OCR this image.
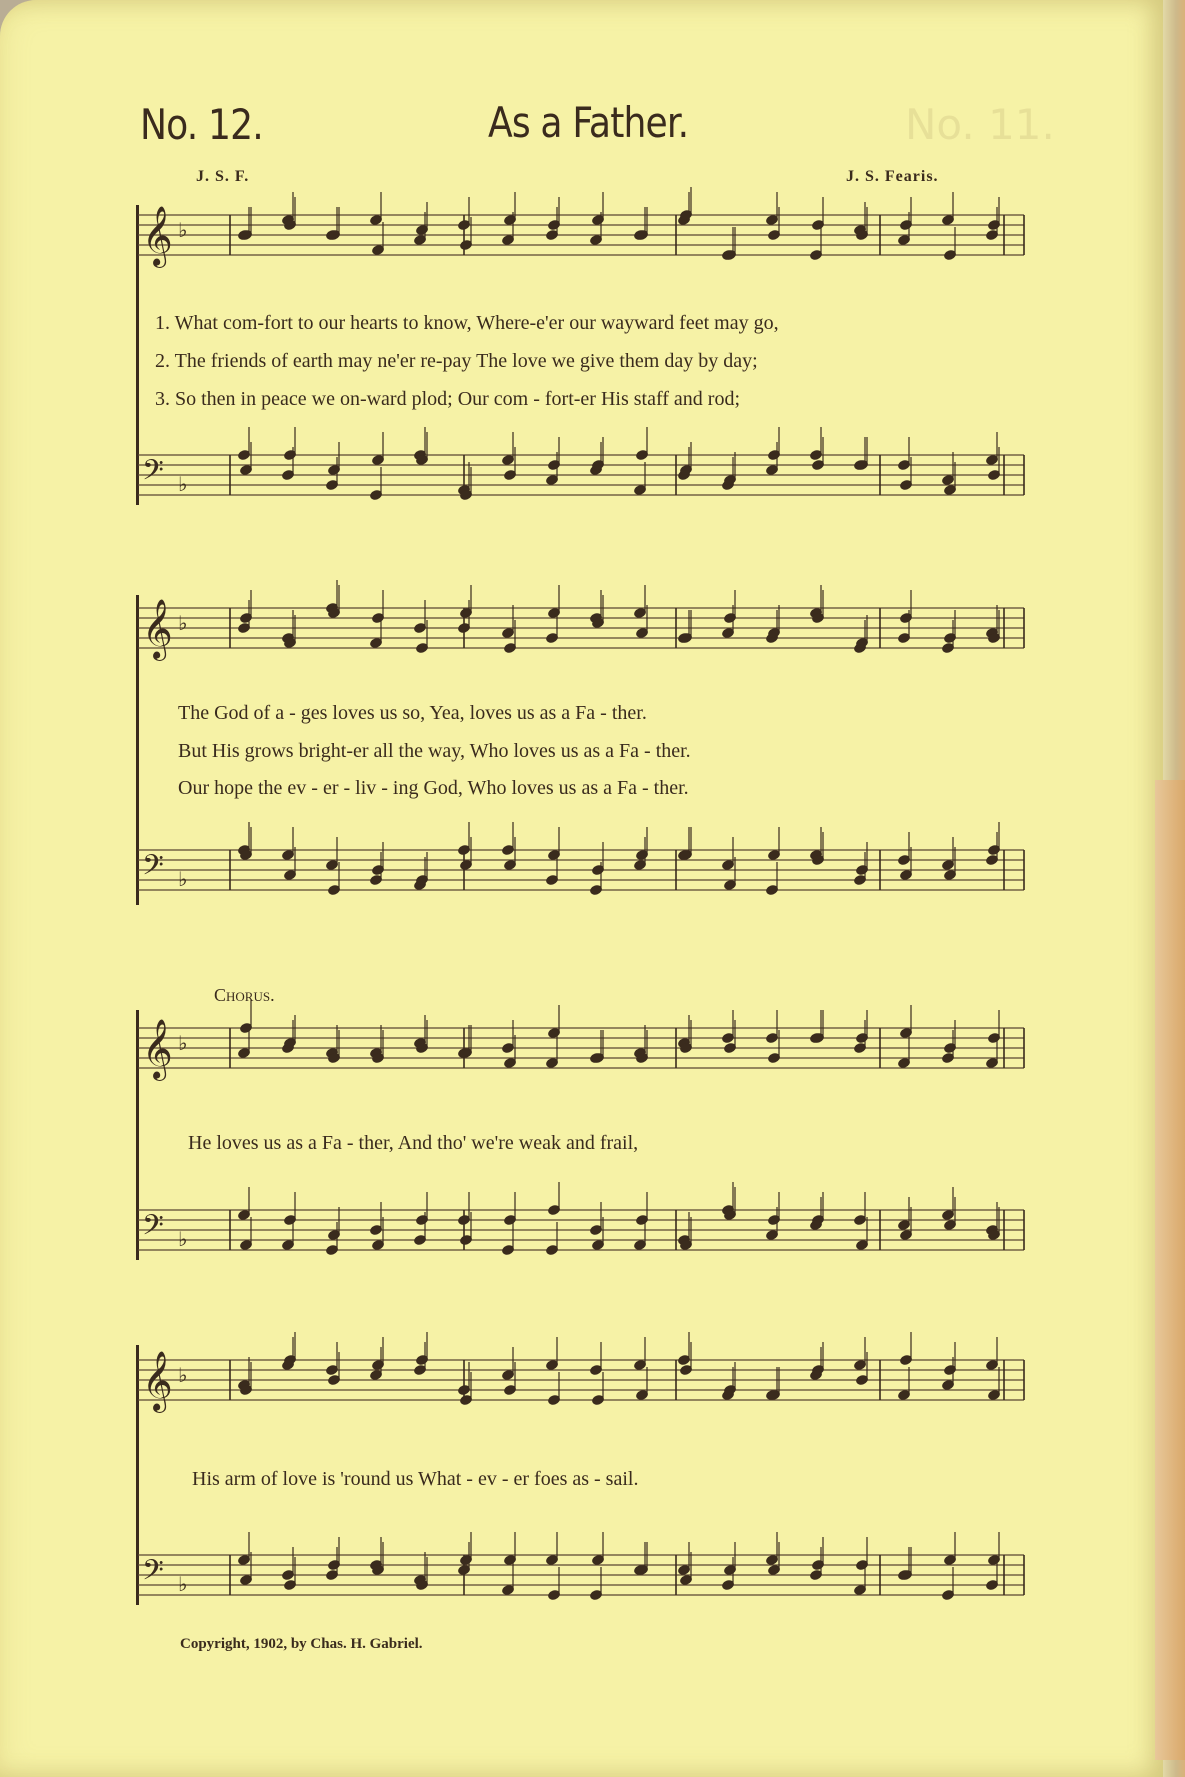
No. 12.	As a Father.	No. 11.
J. S. F.	J. S. Fearis.
𝄞 ♭
1. What com-fort to our hearts to know, Where-e'er our wayward feet may go,
2. The friends of earth may ne'er re-pay The love we give them day by day;
3. So then in peace we on-ward plod; Our com - fort-er His staff and rod;
𝄢 ♭
𝄞 ♭
The God of a - ges loves us so, Yea, loves us as a Fa - ther.
But His grows bright-er all the way, Who loves us as a Fa - ther.
Our hope the ev - er - liv - ing God, Who loves us as a Fa - ther.
𝄢 ♭
Chorus.
𝄞 ♭
He loves us as a Fa - ther, And tho' we're weak and frail,
𝄢 ♭
𝄞 ♭
His arm of love is 'round us What - ev - er foes as - sail.
𝄢 ♭
Copyright, 1902, by Chas. H. Gabriel.
